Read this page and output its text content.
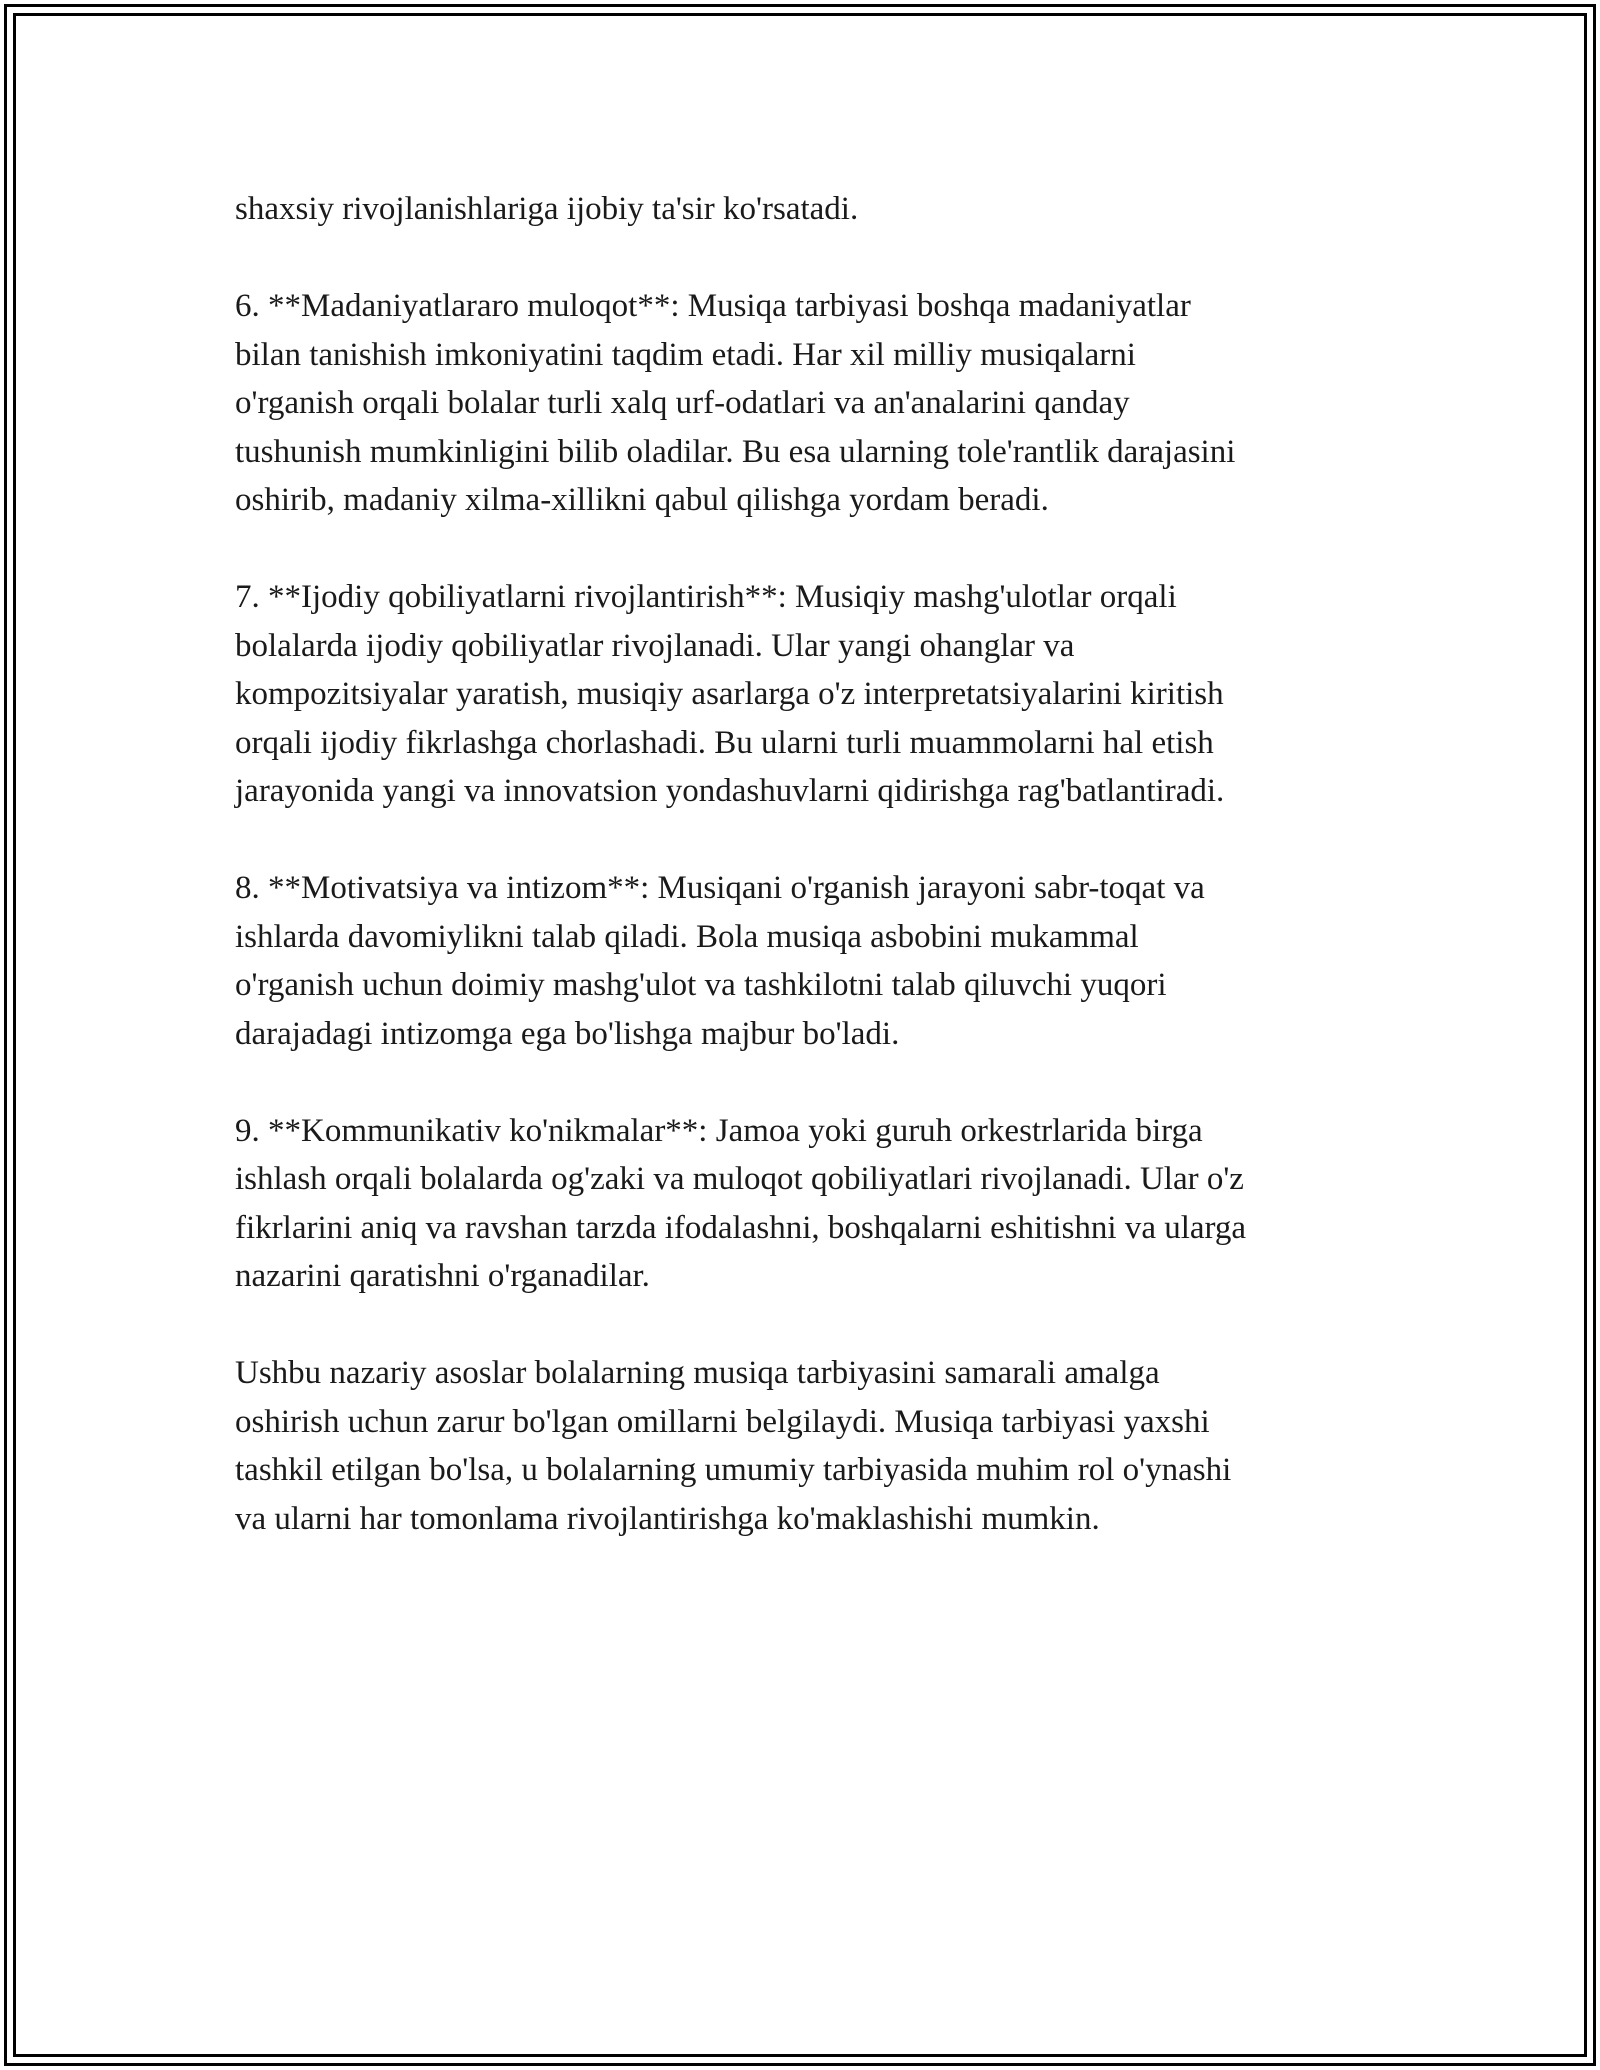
shaxsiy rivojlanishlariga ijobiy ta'sir ko'rsatadi.

6. **Madaniyatlararo muloqot**: Musiqa tarbiyasi boshqa madaniyatlar
bilan tanishish imkoniyatini taqdim etadi. Har xil milliy musiqalarni
o'rganish orqali bolalar turli xalq urf-odatlari va an'analarini qanday
tushunish mumkinligini bilib oladilar. Bu esa ularning tole'rantlik darajasini
oshirib, madaniy xilma-xillikni qabul qilishga yordam beradi.

7. **Ijodiy qobiliyatlarni rivojlantirish**: Musiqiy mashg'ulotlar orqali
bolalarda ijodiy qobiliyatlar rivojlanadi. Ular yangi ohanglar va
kompozitsiyalar yaratish, musiqiy asarlarga o'z interpretatsiyalarini kiritish
orqali ijodiy fikrlashga chorlashadi. Bu ularni turli muammolarni hal etish
jarayonida yangi va innovatsion yondashuvlarni qidirishga rag'batlantiradi.

8. **Motivatsiya va intizom**: Musiqani o'rganish jarayoni sabr-toqat va
ishlarda davomiylikni talab qiladi. Bola musiqa asbobini mukammal
o'rganish uchun doimiy mashg'ulot va tashkilotni talab qiluvchi yuqori
darajadagi intizomga ega bo'lishga majbur bo'ladi.

9. **Kommunikativ ko'nikmalar**: Jamoa yoki guruh orkestrlarida birga
ishlash orqali bolalarda og'zaki va muloqot qobiliyatlari rivojlanadi. Ular o'z
fikrlarini aniq va ravshan tarzda ifodalashni, boshqalarni eshitishni va ularga
nazarini qaratishni o'rganadilar.

Ushbu nazariy asoslar bolalarning musiqa tarbiyasini samarali amalga
oshirish uchun zarur bo'lgan omillarni belgilaydi. Musiqa tarbiyasi yaxshi
tashkil etilgan bo'lsa, u bolalarning umumiy tarbiyasida muhim rol o'ynashi
va ularni har tomonlama rivojlantirishga ko'maklashishi mumkin.
